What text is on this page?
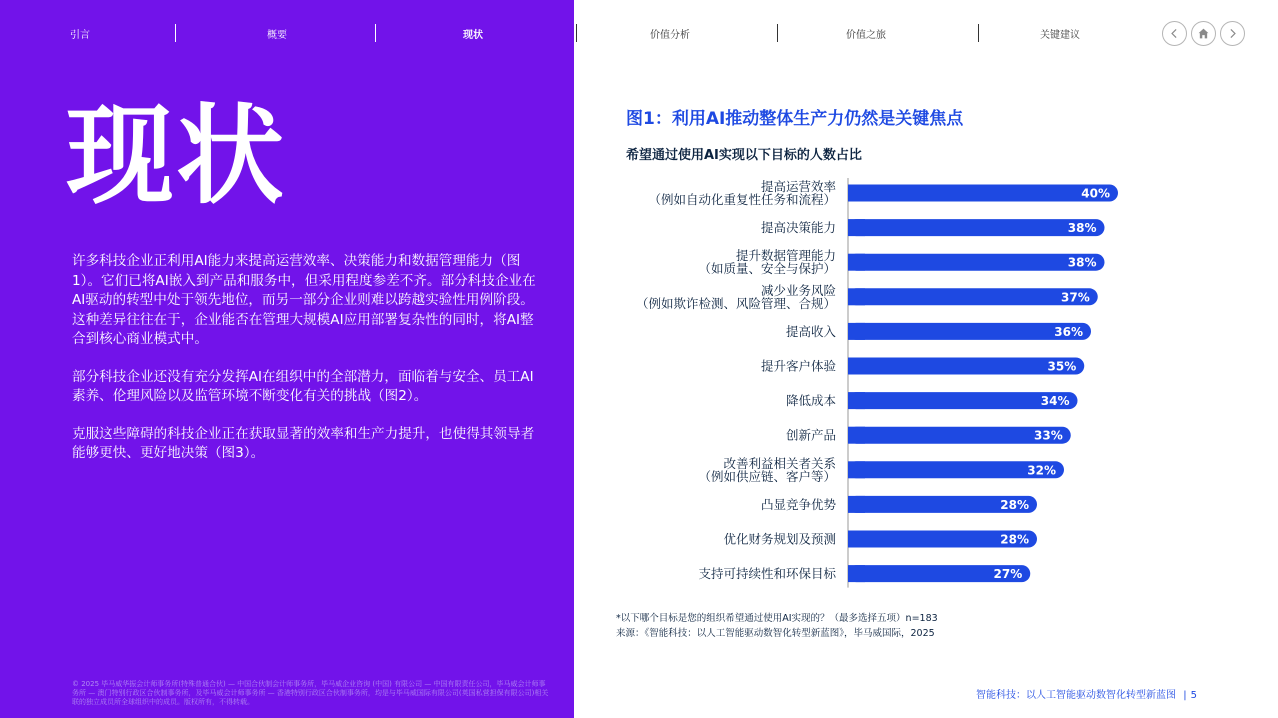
引言	概要	现状	价值分析	价值之旅	关键建议
现状

许多科技企业正利用AI能力来提高运营效率、决策能力和数据管理能力（图1）。它们已将AI嵌入到产品和服务中，但采用程度参差不齐。部分科技企业在AI驱动的转型中处于领先地位，而另一部分企业则难以跨越实验性用例阶段。这种差异往往在于，企业能否在管理大规模AI应用部署复杂性的同时，将AI整合到核心商业模式中。

部分科技企业还没有充分发挥AI在组织中的全部潜力，面临着与安全、员工AI素养、伦理风险以及监管环境不断变化有关的挑战（图2）。

克服这些障碍的科技企业正在获取显著的效率和生产力提升，也使得其领导者能够更快、更好地决策（图3）。

© 2025 毕马威华振会计师事务所(特殊普通合伙) — 中国合伙制会计师事务所，毕马威企业咨询 (中国) 有限公司 — 中国有限责任公司，毕马威会计师事务所 — 澳门特别行政区合伙制事务所，及毕马威会计师事务所 — 香港特别行政区合伙制事务所，均是与毕马威国际有限公司(英国私营担保有限公司)相关联的独立成员所全球组织中的成员。版权所有，不得转载。
图1：利用AI推动整体生产力仍然是关键焦点
希望通过使用AI实现以下目标的人数占比
40%
提高运营效率
（例如自动化重复性任务和流程）
38%
提高决策能力
38%
提升数据管理能力
（如质量、安全与保护）
37%
减少业务风险
（例如欺诈检测、风险管理、合规）
36%
提高收入
35%
提升客户体验
34%
降低成本
33%
创新产品
32%
改善利益相关者关系
（例如供应链、客户等）
28%
凸显竞争优势
28%
优化财务规划及预测
27%
支持可持续性和环保目标
*以下哪个目标是您的组织希望通过使用AI实现的？（最多选择五项）n=183
来源：《智能科技：以人工智能驱动数智化转型新蓝图》，毕马威国际，2025
智能科技：以人工智能驱动数智化转型新蓝图 | 5
